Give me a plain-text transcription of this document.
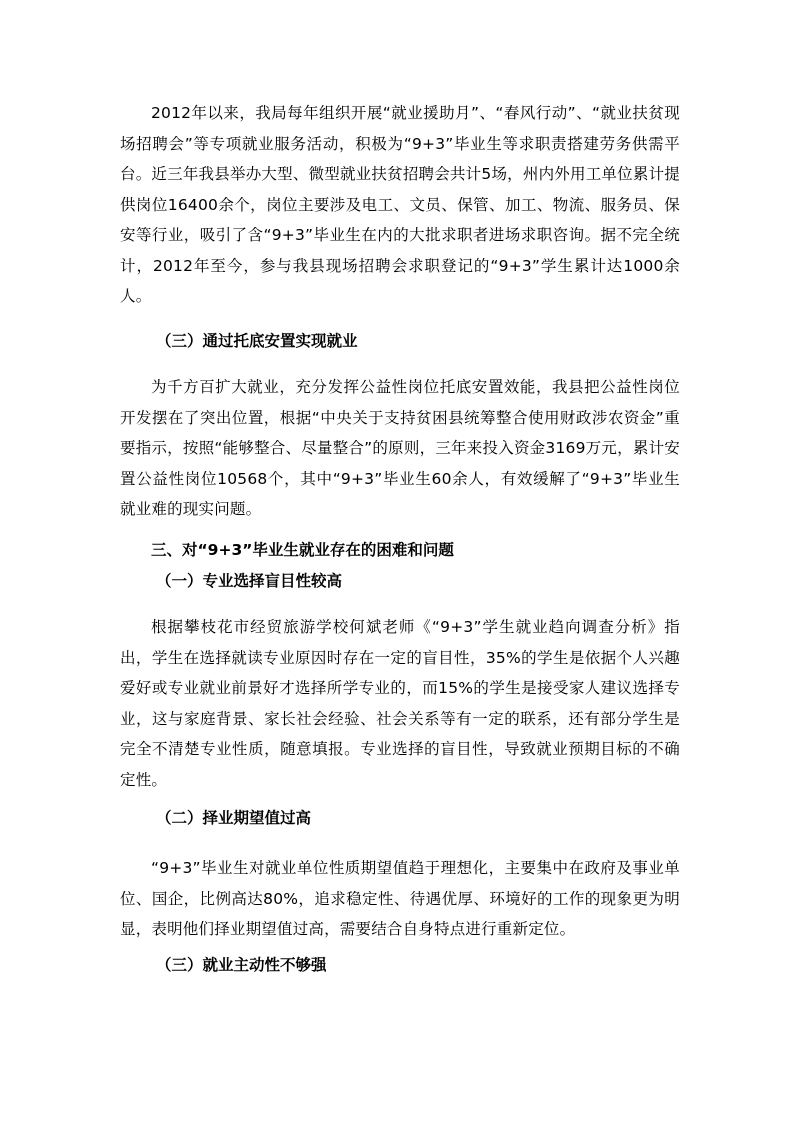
2012年以来，我局每年组织开展“就业援助月”、“春风行动”、“就业扶贫现场招聘会”等专项就业服务活动，积极为“9+3”毕业生等求职责搭建劳务供需平台。近三年我县举办大型、微型就业扶贫招聘会共计5场，州内外用工单位累计提供岗位16400余个，岗位主要涉及电工、文员、保管、加工、物流、服务员、保安等行业，吸引了含“9+3”毕业生在内的大批求职者进场求职咨询。据不完全统计，2012年至今，参与我县现场招聘会求职登记的“9+3”学生累计达1000余人。

（三）通过托底安置实现就业

为千方百扩大就业，充分发挥公益性岗位托底安置效能，我县把公益性岗位开发摆在了突出位置，根据“中央关于支持贫困县统筹整合使用财政涉农资金”重要指示，按照“能够整合、尽量整合”的原则，三年来投入资金3169万元，累计安置公益性岗位10568个，其中“9+3”毕业生60余人，有效缓解了“9+3”毕业生就业难的现实问题。

三、对“9+3”毕业生就业存在的困难和问题

（一）专业选择盲目性较高

根据攀枝花市经贸旅游学校何斌老师《“9+3”学生就业趋向调查分析》指出，学生在选择就读专业原因时存在一定的盲目性，35%的学生是依据个人兴趣爱好或专业就业前景好才选择所学专业的，而15%的学生是接受家人建议选择专业，这与家庭背景、家长社会经验、社会关系等有一定的联系，还有部分学生是完全不清楚专业性质，随意填报。专业选择的盲目性，导致就业预期目标的不确定性。

（二）择业期望值过高

“9+3”毕业生对就业单位性质期望值趋于理想化，主要集中在政府及事业单位、国企，比例高达80%，追求稳定性、待遇优厚、环境好的工作的现象更为明显，表明他们择业期望值过高，需要结合自身特点进行重新定位。

（三）就业主动性不够强
